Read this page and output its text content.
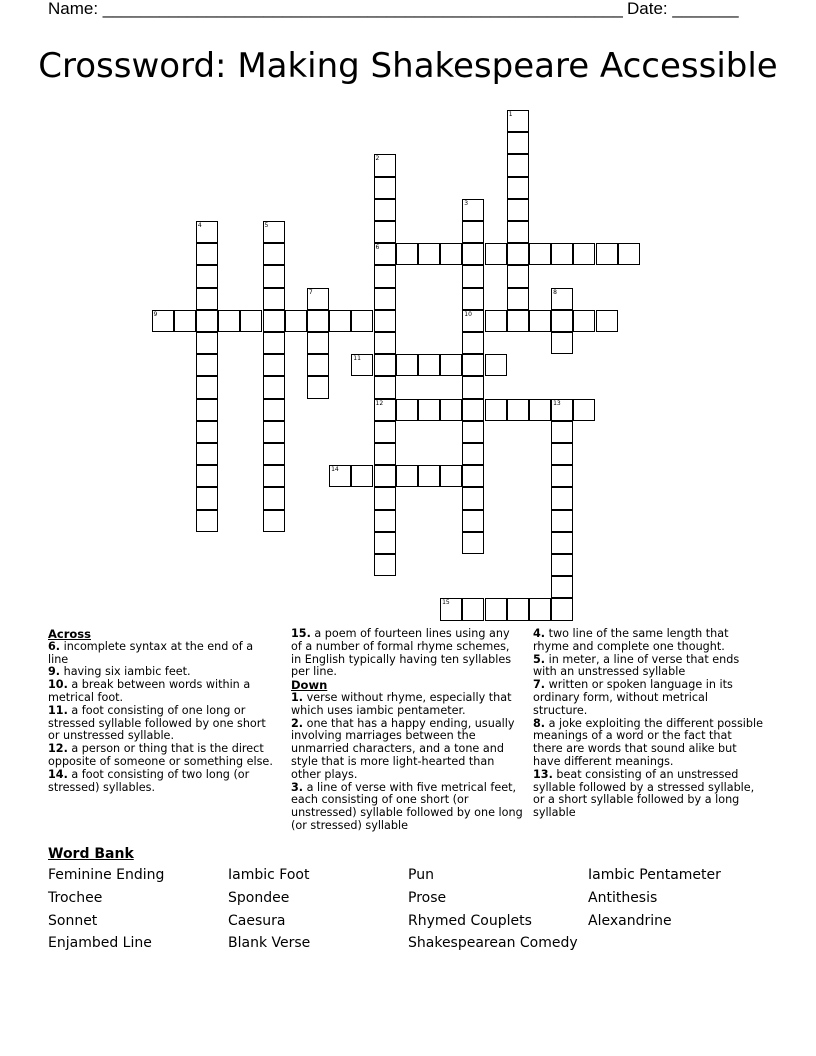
Name: _______________________________________________________ Date: _______
Crossword: Making Shakespeare Accessible
1
2
6
12
3
10
4	5
7	8
9
11
13
14
15
Across
6. incomplete syntax at the end of a line
9. having six iambic feet.
10. a break between words within a metrical foot.
11. a foot consisting of one long or stressed syllable followed by one short or unstressed syllable.
12. a person or thing that is the direct opposite of someone or something else.
14. a foot consisting of two long (or stressed) syllables.
15. a poem of fourteen lines using any of a number of formal rhyme schemes, in English typically having ten syllables per line.
Down
1. verse without rhyme, especially that which uses iambic pentameter.
2. one that has a happy ending, usually involving marriages between the unmarried characters, and a tone and style that is more light-hearted than other plays.
3. a line of verse with five metrical feet, each consisting of one short (or unstressed) syllable followed by one long (or stressed) syllable
4. two line of the same length that rhyme and complete one thought.
5. in meter, a line of verse that ends with an unstressed syllable
7. written or spoken language in its ordinary form, without metrical structure.
8. a joke exploiting the different possible meanings of a word or the fact that there are words that sound alike but have different meanings.
13. beat consisting of an unstressed syllable followed by a stressed syllable, or a short syllable followed by a long syllable
Word Bank
Feminine Ending	Iambic Foot	Pun	Iambic Pentameter
Trochee	Spondee	Prose	Antithesis
Sonnet	Caesura	Rhymed Couplets	Alexandrine
Enjambed Line	Blank Verse	Shakespearean Comedy
